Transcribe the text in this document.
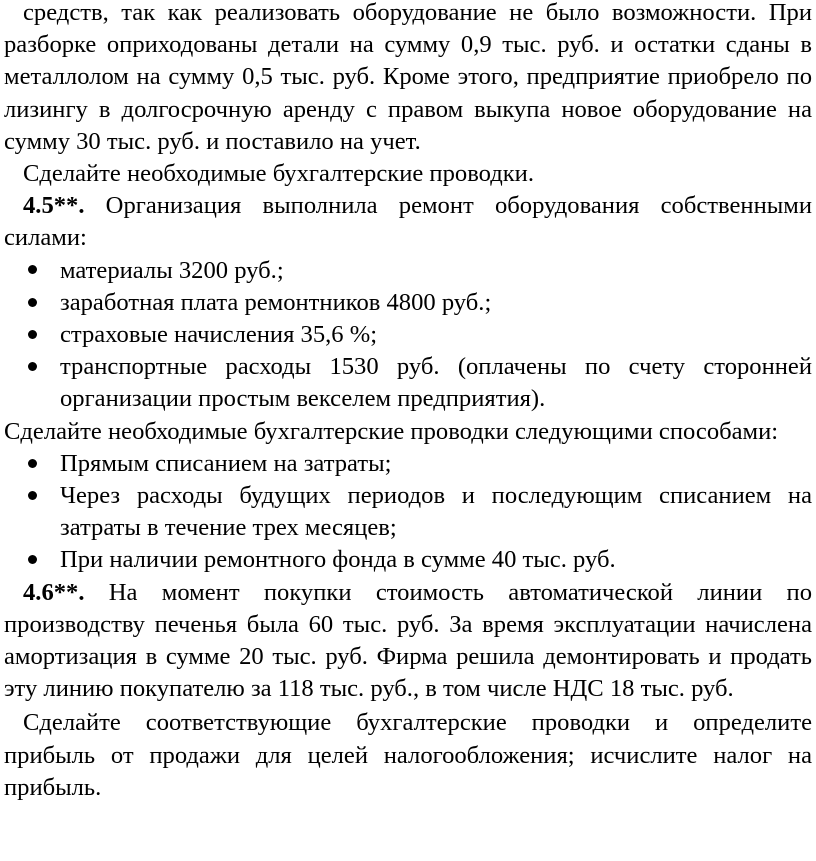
средств, так как реализовать оборудование не было возможности. При разборке оприходованы детали на сумму 0,9 тыс. руб. и остатки сданы в металлолом на сумму 0,5 тыс. руб. Кроме этого, предприятие приобрело по лизингу в долгосрочную аренду с правом выкупа новое оборудование на сумму 30 тыс. руб. и поставило на учет.

Сделайте необходимые бухгалтерские проводки.

4.5**. Организация выполнила ремонт оборудования собственными силами:

материалы 3200 руб.;
заработная плата ремонтников 4800 руб.;
страховые начисления 35,6 %;
транспортные расходы 1530 руб. (оплачены по счету сторонней организации простым векселем предприятия).

Сделайте необходимые бухгалтерские проводки следующими способами:

Прямым списанием на затраты;
Через расходы будущих периодов и последующим списанием на затраты в течение трех месяцев;
При наличии ремонтного фонда в сумме 40 тыс. руб.

4.6**. На момент покупки стоимость автоматической линии по производству печенья была 60 тыс. руб. За время эксплуатации начислена амортизация в сумме 20 тыс. руб. Фирма решила демонтировать и продать эту линию покупателю за 118 тыс. руб., в том числе НДС 18 тыс. руб.

Сделайте соответствующие бухгалтерские проводки и определите прибыль от продажи для целей налогообложения; исчислите налог на прибыль.
